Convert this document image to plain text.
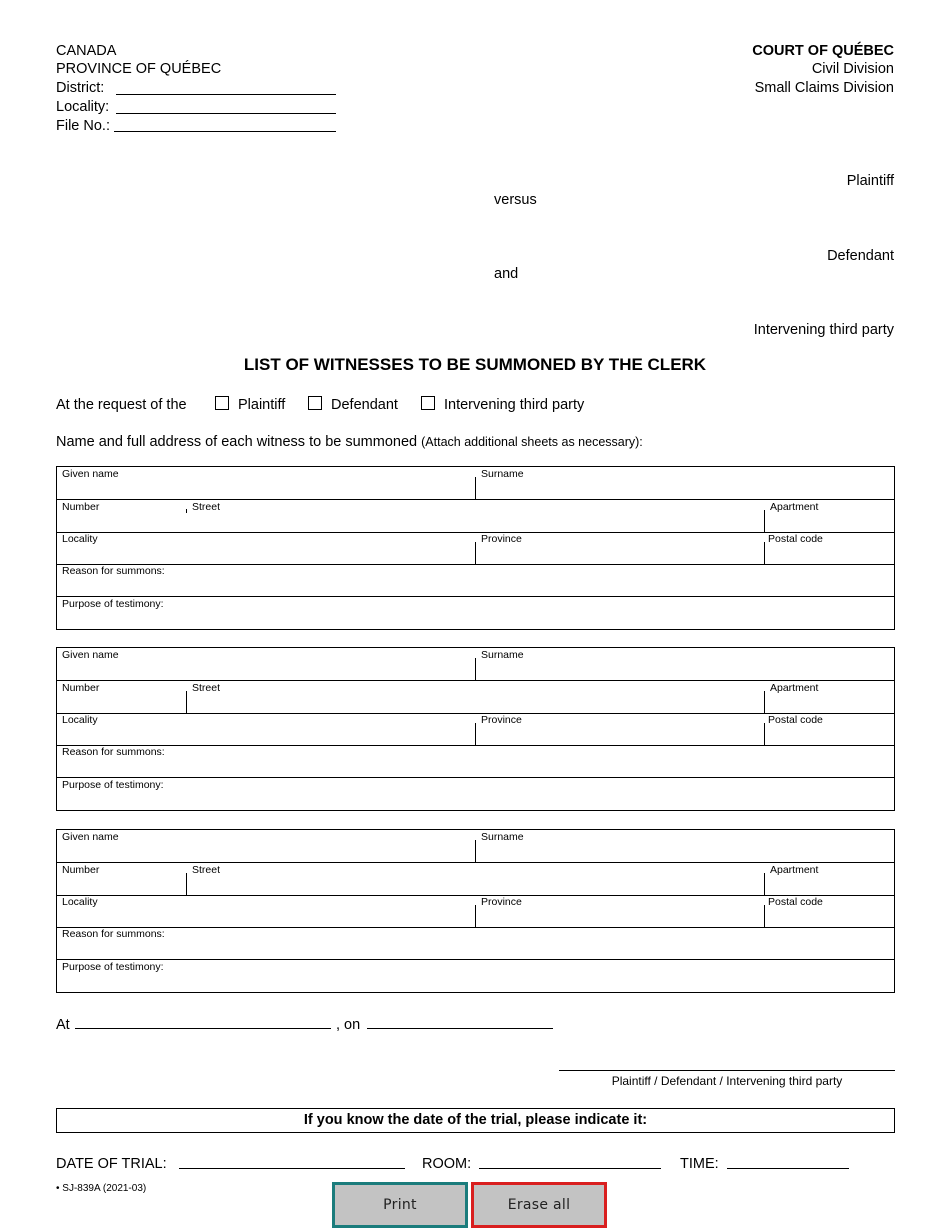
CANADA
PROVINCE OF QUÉBEC
District:
Locality:
File No.:
COURT OF QUÉBEC
Civil Division
Small Claims Division
Plaintiff
versus
Defendant
and
Intervening third party
LIST OF WITNESSES TO BE SUMMONED BY THE CLERK
At the request of the	Plaintiff	Defendant	Intervening third party
Name and full address of each witness to be summoned (Attach additional sheets as necessary):
Given name	Surname
Number	Street	Apartment
Locality	Province	Postal code
Reason for summons:
Purpose of testimony:
Given name	Surname
Number	Street	Apartment
Locality	Province	Postal code
Reason for summons:
Purpose of testimony:
Given name	Surname
Number	Street	Apartment
Locality	Province	Postal code
Reason for summons:
Purpose of testimony:
At	, on
Plaintiff / Defendant / Intervening third party
If you know the date of the trial, please indicate it:
DATE OF TRIAL:	ROOM:	TIME:
• SJ-839A (2021-03)
Print	Erase all
